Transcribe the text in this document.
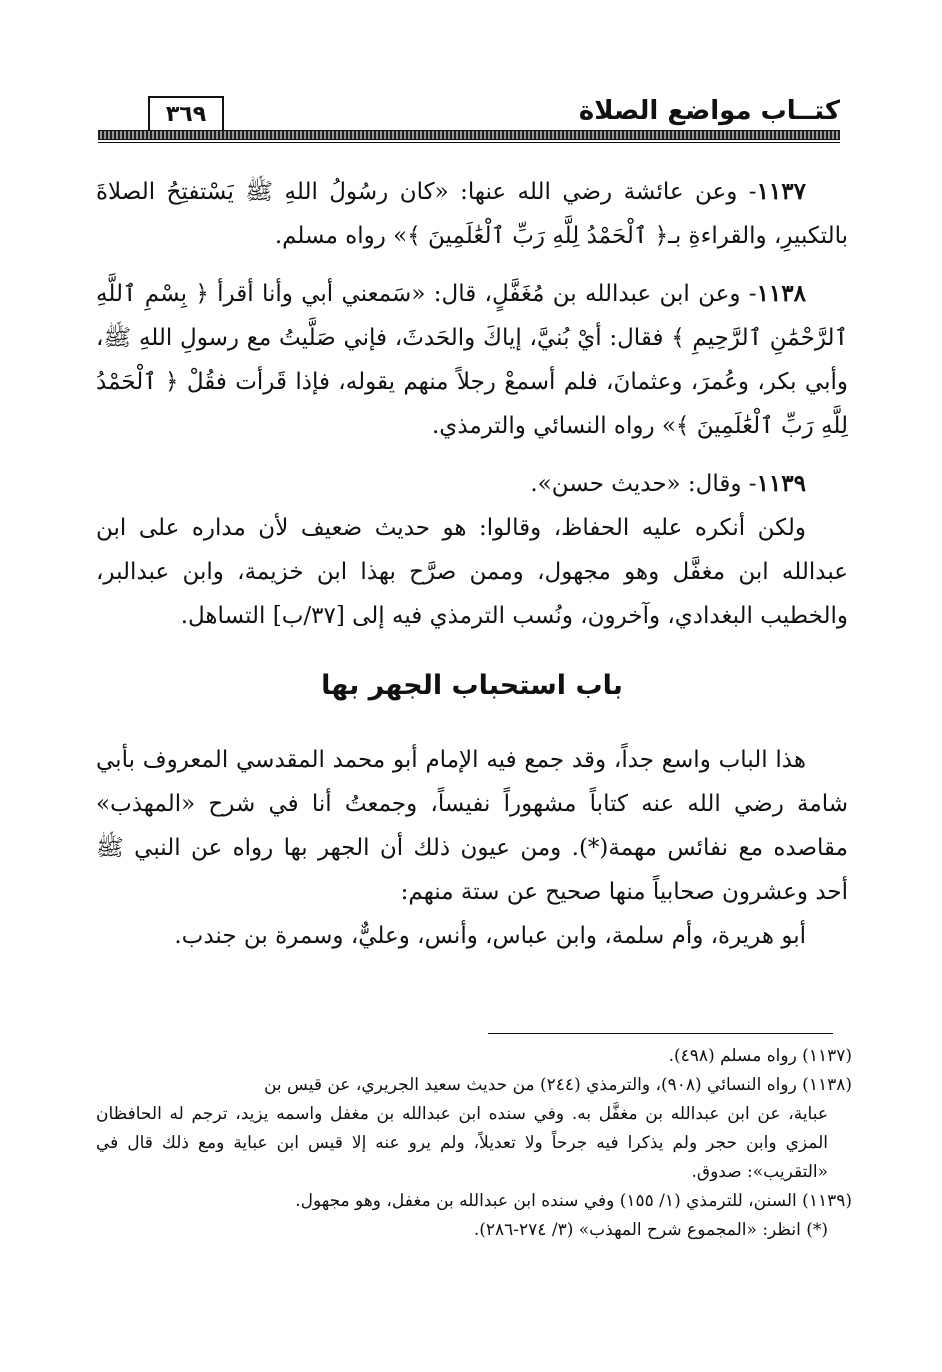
كتــاب مواضع الصلاة
٣٦٩

١١٣٧- وعن عائشة رضي الله عنها: «كان رسُولُ اللهِ ﷺ يَسْتفتِحُ الصلاةَ بالتكبيرِ، والقراءةِ بـ﴿ ٱلْحَمْدُ لِلَّهِ رَبِّ ٱلْعَٰلَمِينَ ﴾» رواه مسلم.

١١٣٨- وعن ابن عبدالله بن مُغَفَّلٍ، قال: «سَمعني أبي وأنا أقرأ ﴿ بِسْمِ ٱللَّهِ ٱلرَّحْمَٰنِ ٱلرَّحِيمِ ﴾ فقال: أيْ بُنيَّ، إياكَ والحَدثَ، فإني صَلَّيتُ مع رسولِ اللهِ ﷺ، وأبي بكر، وعُمرَ، وعثمانَ، فلم أسمعْ رجلاً منهم يقوله، فإذا قَرأت فقُلْ ﴿ ٱلْحَمْدُ لِلَّهِ رَبِّ ٱلْعَٰلَمِينَ ﴾» رواه النسائي والترمذي.

١١٣٩- وقال: «حديث حسن».

ولكن أنكره عليه الحفاظ، وقالوا: هو حديث ضعيف لأن مداره على ابن عبدالله ابن مغفَّل وهو مجهول، وممن صرَّح بهذا ابن خزيمة، وابن عبدالبر، والخطيب البغدادي، وآخرون، ونُسب الترمذي فيه إلى [٣٧/ب] التساهل.

باب استحباب الجهر بها

هذا الباب واسع جداً، وقد جمع فيه الإمام أبو محمد المقدسي المعروف بأبي شامة رضي الله عنه كتاباً مشهوراً نفيساً، وجمعتُ أنا في شرح «المهذب» مقاصده مع نفائس مهمة(*). ومن عيون ذلك أن الجهر بها رواه عن النبي ﷺ أحد وعشرون صحابياً منها صحيح عن ستة منهم:

أبو هريرة، وأم سلمة، وابن عباس، وأنس، وعليٌّ، وسمرة بن جندب.

(١١٣٧) رواه مسلم (٤٩٨).

(١١٣٨) رواه النسائي (٩٠٨)، والترمذي (٢٤٤) من حديث سعيد الجريري، عن قيس بن
عباية، عن ابن عبدالله بن مغفَّل به. وفي سنده ابن عبدالله بن مغفل واسمه يزيد، ترجم له الحافظان المزي وابن حجر ولم يذكرا فيه جرحاً ولا تعديلاً، ولم يرو عنه إلا قيس ابن عباية ومع ذلك قال في «التقريب»: صدوق.

(١١٣٩) السنن، للترمذي (١/ ١٥٥) وفي سنده ابن عبدالله بن مغفل، وهو مجهول.

(*) انظر: «المجموع شرح المهذب» (٣/ ٢٧٤-٢٨٦).
